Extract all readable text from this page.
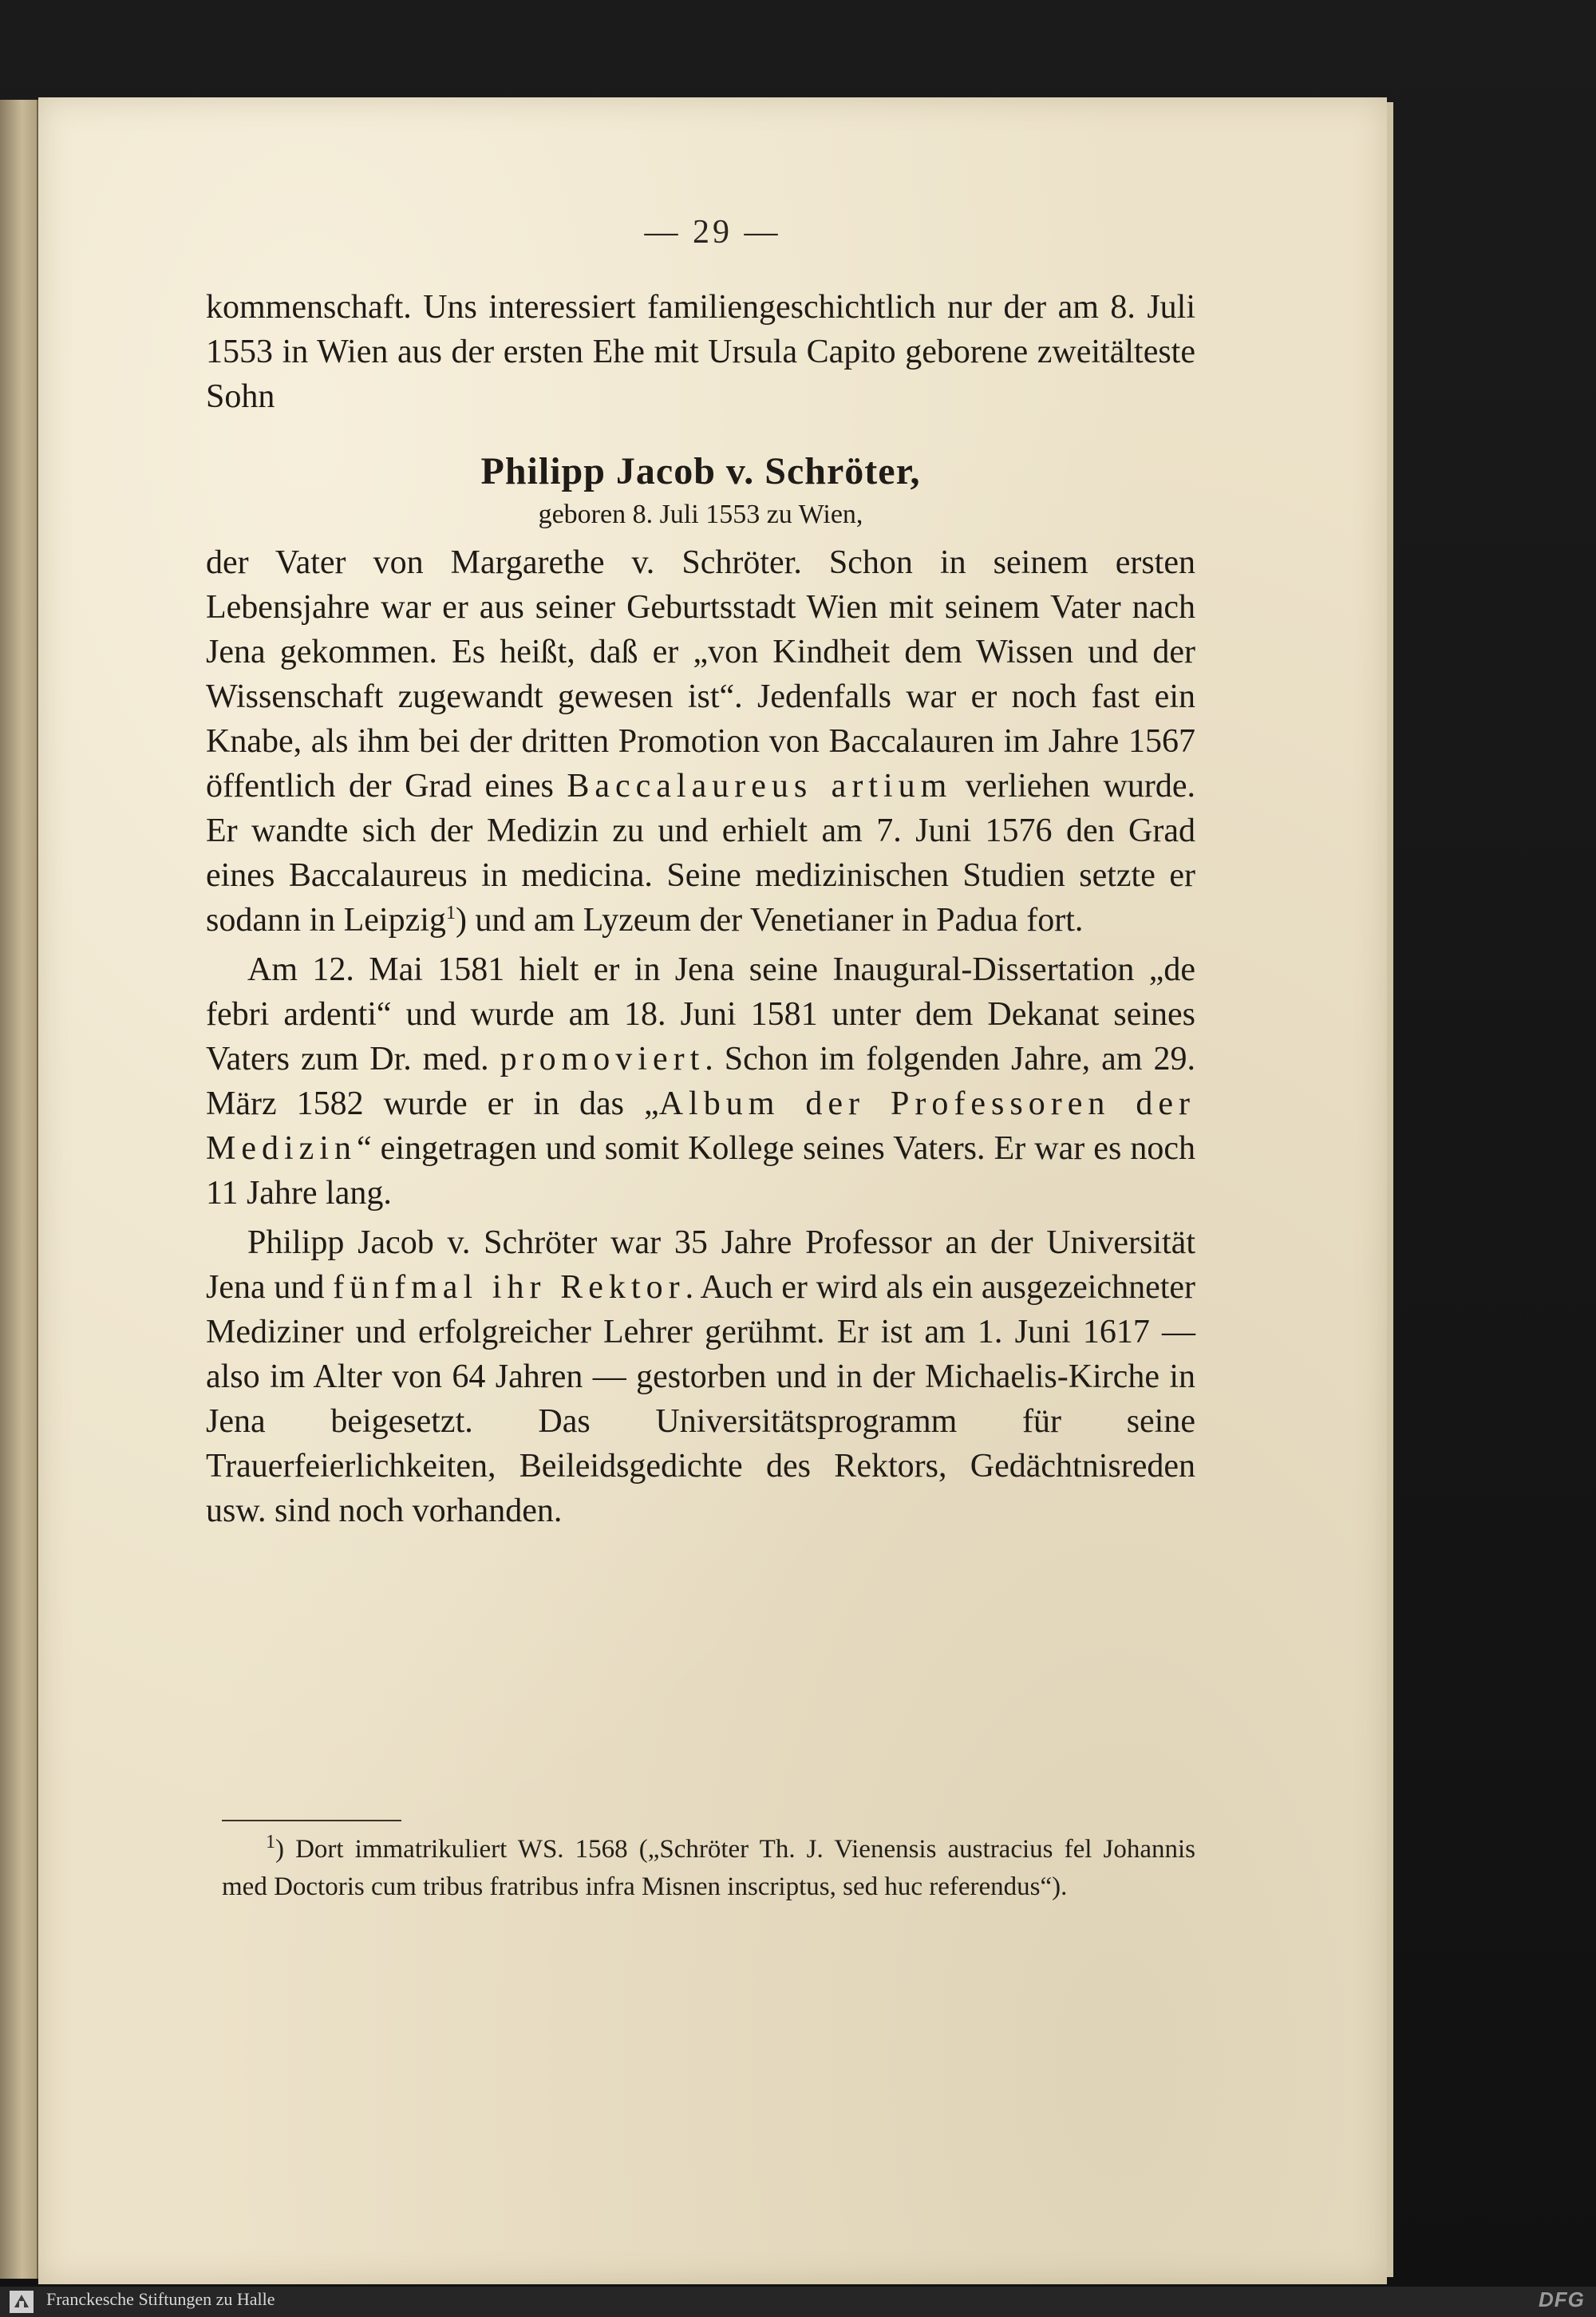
— 29 —

kommenschaft. Uns interessiert familiengeschichtlich nur der am 8. Juli 1553 in Wien aus der ersten Ehe mit Ursula Capito geborene zweitälteste Sohn

Philipp Jacob v. Schröter,

geboren 8. Juli 1553 zu Wien,

der Vater von Margarethe v. Schröter. Schon in seinem ersten Lebensjahre war er aus seiner Geburtsstadt Wien mit seinem Vater nach Jena gekommen. Es heißt, daß er „von Kindheit dem Wissen und der Wissenschaft zugewandt gewesen ist“. Jedenfalls war er noch fast ein Knabe, als ihm bei der dritten Promotion von Baccalauren im Jahre 1567 öffentlich der Grad eines Baccalaureus artium verliehen wurde. Er wandte sich der Medizin zu und erhielt am 7. Juni 1576 den Grad eines Baccalaureus in medicina. Seine medizinischen Studien setzte er sodann in Leipzig$^1$) und am Lyzeum der Venetianer in Padua fort.

Am 12. Mai 1581 hielt er in Jena seine Inaugural-Dissertation „de febri ardenti“ und wurde am 18. Juni 1581 unter dem Dekanat seines Vaters zum Dr. med. promoviert. Schon im folgenden Jahre, am 29. März 1582 wurde er in das „Album der Professoren der Medizin“ eingetragen und somit Kollege seines Vaters. Er war es noch 11 Jahre lang.

Philipp Jacob v. Schröter war 35 Jahre Professor an der Universität Jena und fünfmal ihr Rektor. Auch er wird als ein ausgezeichneter Mediziner und erfolgreicher Lehrer gerühmt. Er ist am 1. Juni 1617 — also im Alter von 64 Jahren — gestorben und in der Michaelis-Kirche in Jena beigesetzt. Das Universitätsprogramm für seine Trauerfeierlichkeiten, Beileidsgedichte des Rektors, Gedächtnisreden usw. sind noch vorhanden.

$^1$) Dort immatrikuliert WS. 1568 („Schröter Th. J. Vienensis austracius fel Johannis med Doctoris cum tribus fratribus infra Misnen inscriptus, sed huc referendus“).
Franckesche Stiftungen zu Halle	DFG
